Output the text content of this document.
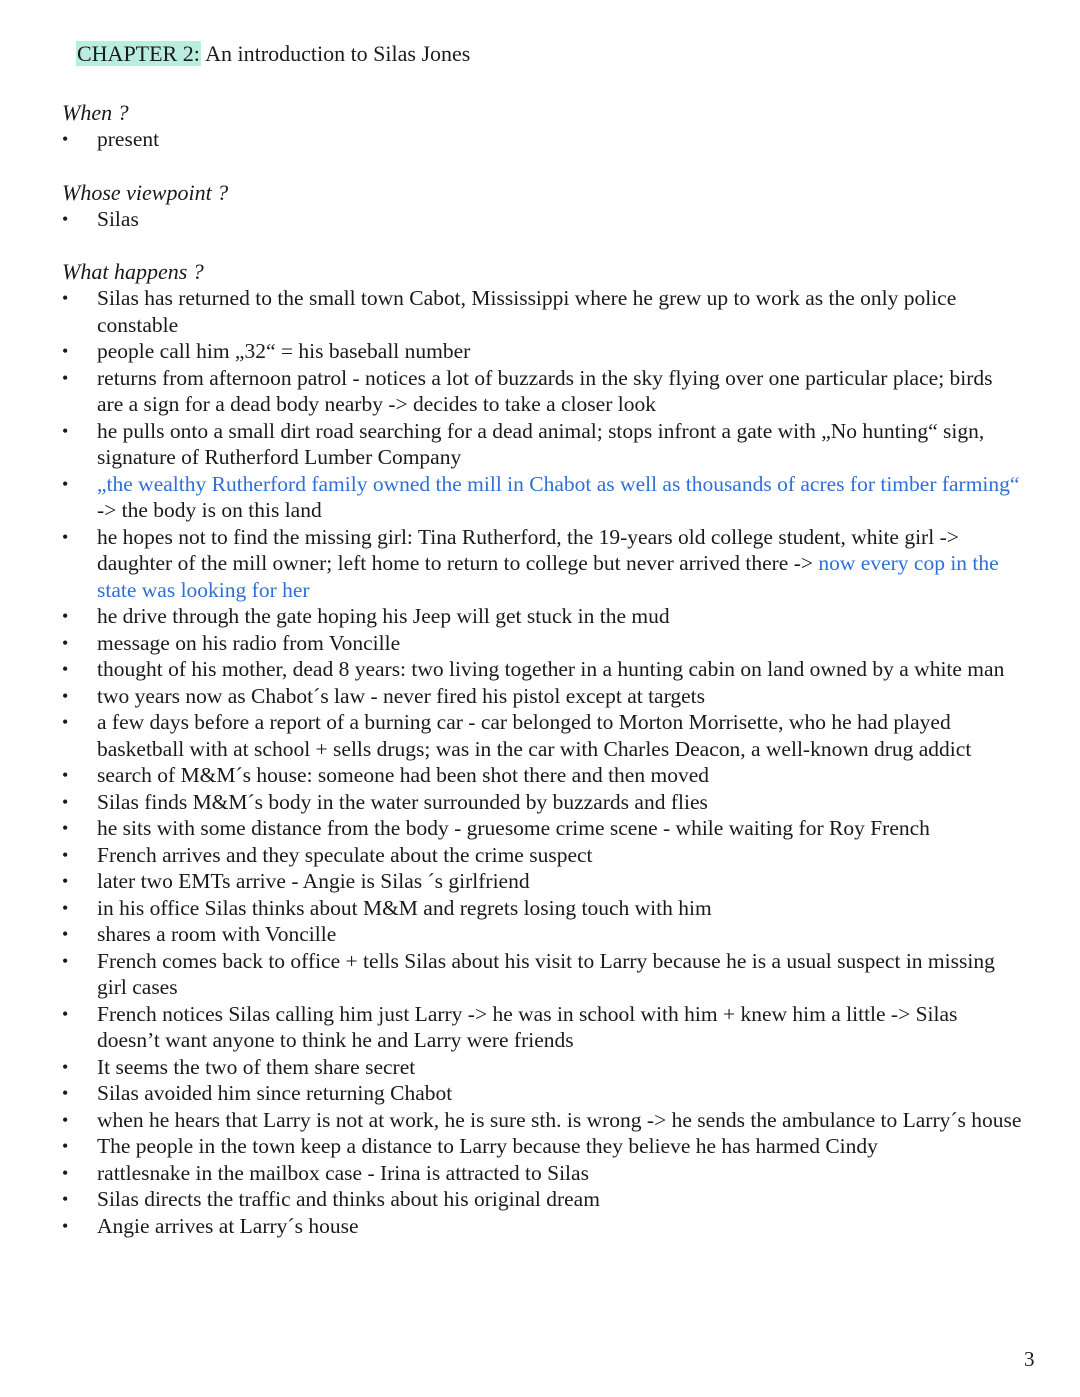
CHAPTER 2: An introduction to Silas Jones

When ?

• present

Whose viewpoint ?

• Silas

What happens ?

• Silas has returned to the small town Cabot, Mississippi where he grew up to work as the only police constable
• people call him „32“ = his baseball number
• returns from afternoon patrol - notices a lot of buzzards in the sky flying over one particular place; birds are a sign for a dead body nearby -> decides to take a closer look
• he pulls onto a small dirt road searching for a dead animal; stops infront a gate with „No hunting“ sign, signature of Rutherford Lumber Company
• „the wealthy Rutherford family owned the mill in Chabot as well as thousands of acres for timber farming“ -> the body is on this land
• he hopes not to find the missing girl: Tina Rutherford, the 19-years old college student, white girl -> daughter of the mill owner; left home to return to college but never arrived there -> now every cop in the state was looking for her
• he drive through the gate hoping his Jeep will get stuck in the mud
• message on his radio from Voncille
• thought of his mother, dead 8 years: two living together in a hunting cabin on land owned by a white man
• two years now as Chabot´s law - never fired his pistol except at targets
• a few days before a report of a burning car - car belonged to Morton Morrisette, who he had played basketball with at school + sells drugs; was in the car with Charles Deacon, a well-known drug addict
• search of M&M´s house: someone had been shot there and then moved
• Silas finds M&M´s body in the water surrounded by buzzards and flies
• he sits with some distance from the body - gruesome crime scene - while waiting for Roy French
• French arrives and they speculate about the crime suspect
• later two EMTs arrive - Angie is Silas ´s girlfriend
• in his office Silas thinks about M&M and regrets losing touch with him
• shares a room with Voncille
• French comes back to office + tells Silas about his visit to Larry because he is a usual suspect in missing girl cases
• French notices Silas calling him just Larry -> he was in school with him + knew him a little -> Silas doesn’t want anyone to think he and Larry were friends
• It seems the two of them share secret
• Silas avoided him since returning Chabot
• when he hears that Larry is not at work, he is sure sth. is wrong -> he sends the ambulance to Larry´s house
• The people in the town keep a distance to Larry because they believe he has harmed Cindy
• rattlesnake in the mailbox case - Irina is attracted to Silas
• Silas directs the traffic and thinks about his original dream
• Angie arrives at Larry´s house
3
